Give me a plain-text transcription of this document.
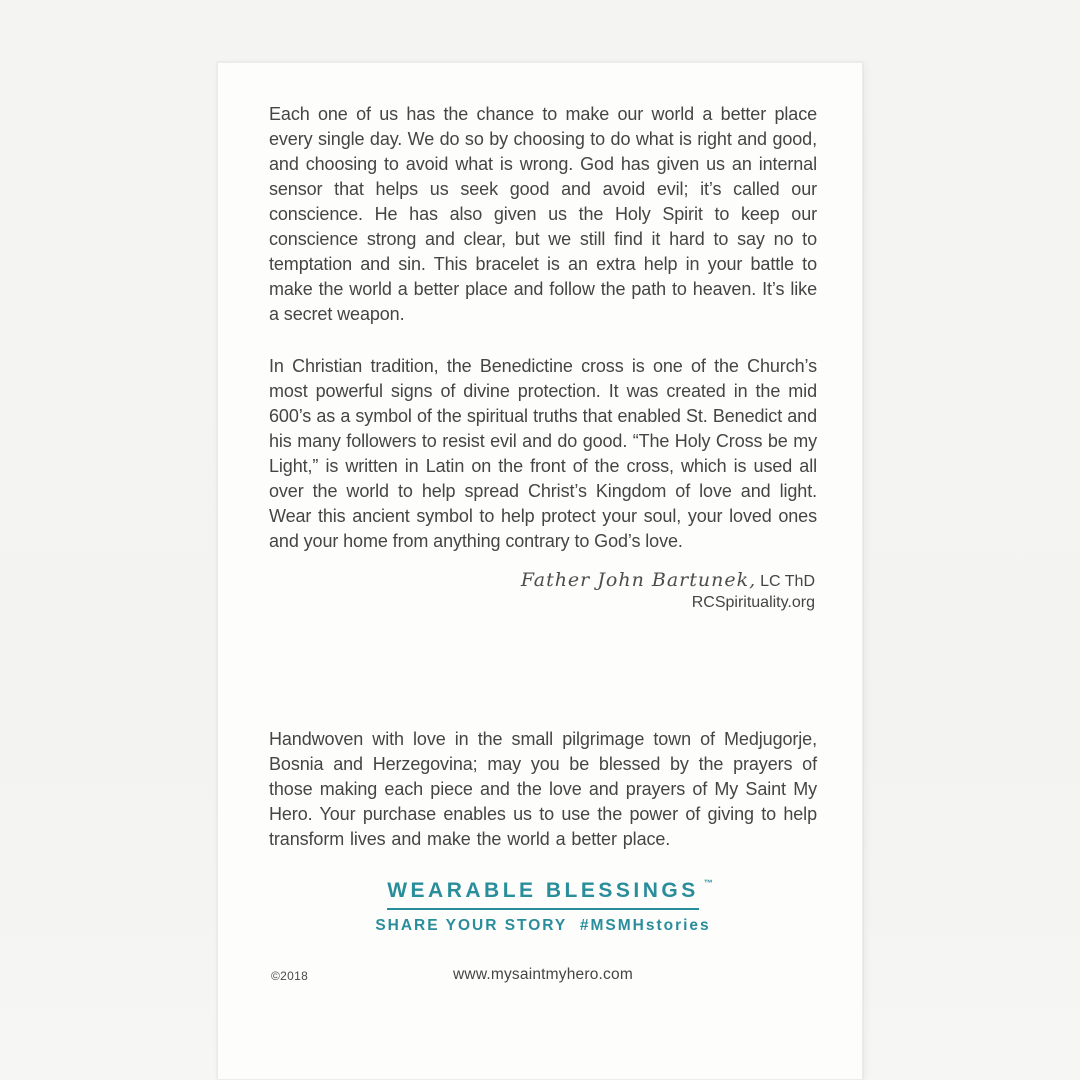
Each one of us has the chance to make our world a better place every single day. We do so by choosing to do what is right and good, and choosing to avoid what is wrong. God has given us an internal sensor that helps us seek good and avoid evil; it’s called our conscience. He has also given us the Holy Spirit to keep our conscience strong and clear, but we still find it hard to say no to temptation and sin. This bracelet is an extra help in your battle to make the world a better place and follow the path to heaven. It’s like a secret weapon.

In Christian tradition, the Benedictine cross is one of the Church’s most powerful signs of divine protection. It was created in the mid 600’s as a symbol of the spiritual truths that enabled St. Benedict and his many followers to resist evil and do good. “The Holy Cross be my Light,” is written in Latin on the front of the cross, which is used all over the world to help spread Christ’s Kingdom of love and light. Wear this ancient symbol to help protect your soul, your loved ones and your home from anything contrary to God’s love.

Father John Bartunek, LC ThD
RCSpirituality.org

Handwoven with love in the small pilgrimage town of Medjugorje, Bosnia and Herzegovina; may you be blessed by the prayers of those making each piece and the love and prayers of My Saint My Hero. Your purchase enables us to use the power of giving to help transform lives and make the world a better place.

WEARABLE BLESSINGS ™
SHARE YOUR STORY  #MSMHstories
©2018	www.mysaintmyhero.com
